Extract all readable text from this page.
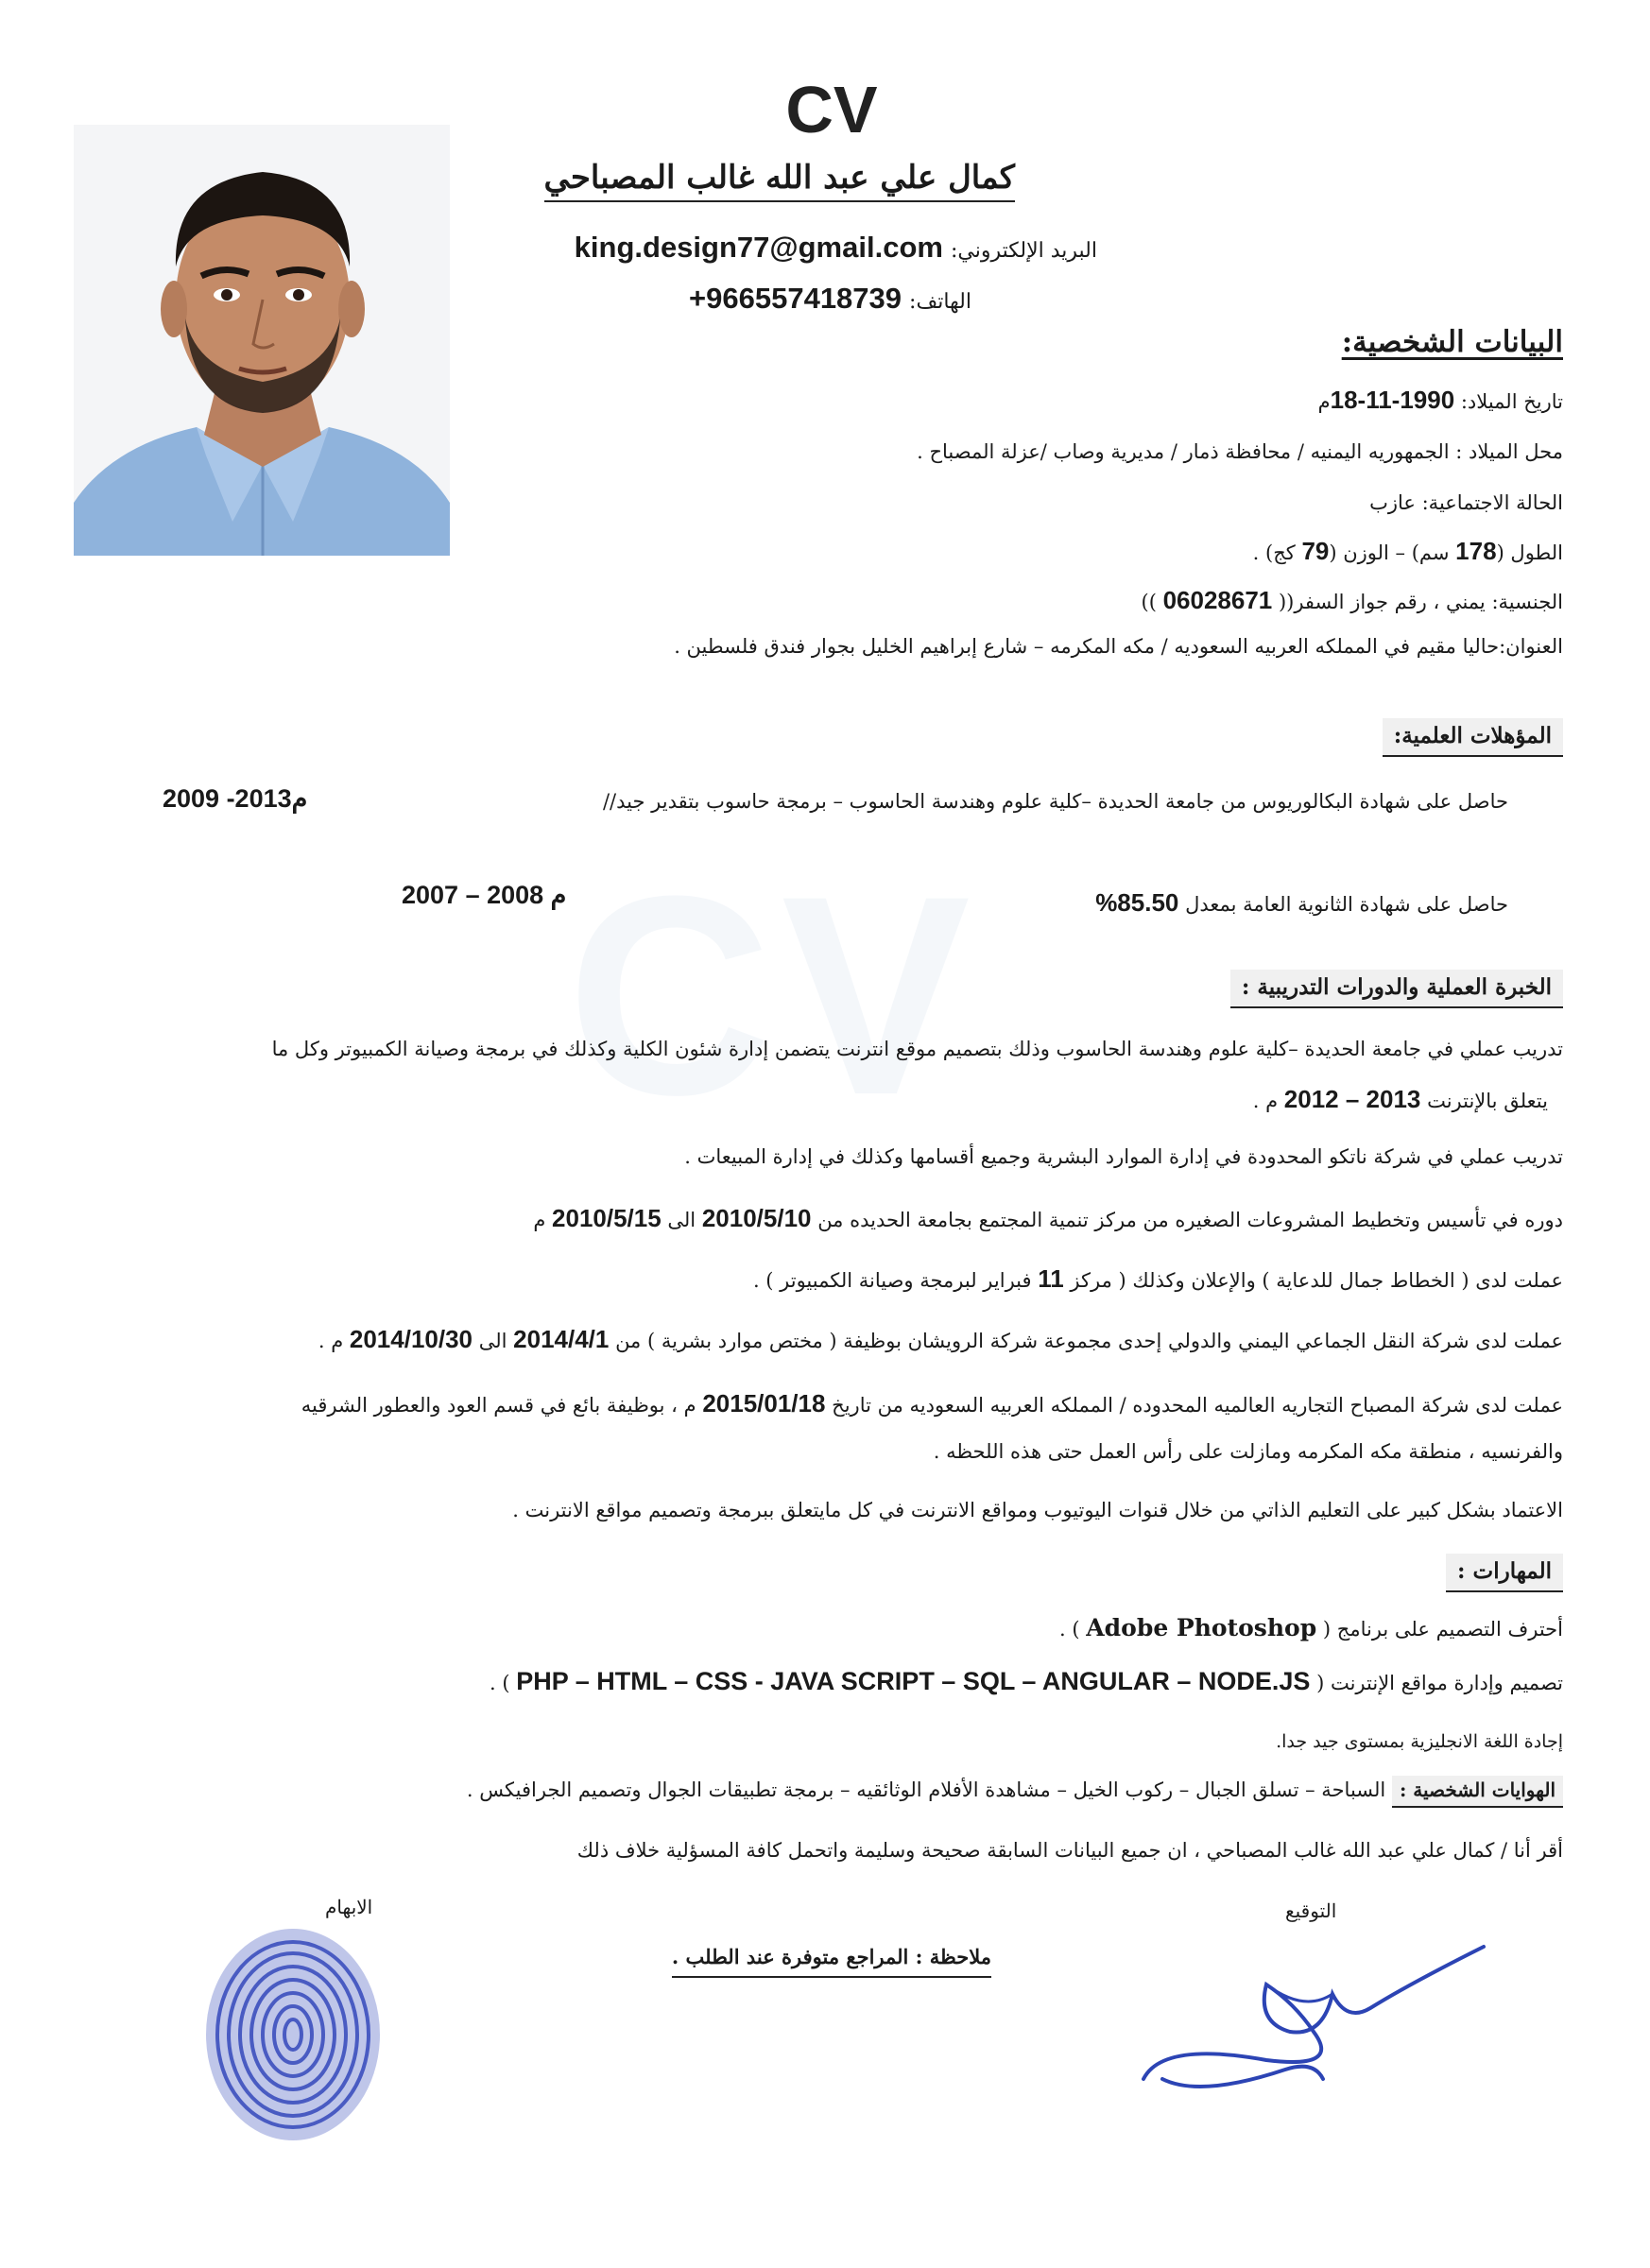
CV
كمال علي عبد الله غالب المصباحي
البريد الإلكتروني:king.design77@gmail.com
الهاتف:+966557418739
البيانات الشخصية:
تاريخ الميلاد: 18-11-1990م
محل الميلاد : الجمهوريه اليمنيه / محافظة ذمار / مديرية وصاب /عزلة المصباح .
الحالة الاجتماعية: عازب
الطول (178 سم) – الوزن (79 كج) .
الجنسية: يمني ، رقم جواز السفر(( 06028671 ))
العنوان:حاليا مقيم في المملكه العربيه السعوديه / مكه المكرمه – شارع إبراهيم الخليل بجوار فندق فلسطين .
المؤهلات العلمية:
حاصل على شهادة البكالوريوس من جامعة الحديدة –كلية علوم وهندسة الحاسوب – برمجة حاسوب بتقدير جيد//
2009 -2013م
حاصل على شهادة الثانوية العامة بمعدل %85.50
2007 – 2008 م
الخبرة العملية والدورات التدريبية :
تدريب عملي في جامعة الحديدة –كلية علوم وهندسة الحاسوب وذلك بتصميم موقع انترنت يتضمن إدارة شئون الكلية وكذلك في برمجة وصيانة الكمبيوتر وكل ما
يتعلق بالإنترنت 2012 – 2013 م .
تدريب عملي في شركة ناتكو المحدودة في إدارة الموارد البشرية وجميع أقسامها وكذلك في إدارة المبيعات .
دوره في تأسيس وتخطيط المشروعات الصغيره من مركز تنمية المجتمع بجامعة الحديده من 2010/5/10 الى 2010/5/15 م
عملت لدى ( الخطاط جمال للدعاية ) والإعلان وكذلك ( مركز 11 فبراير لبرمجة وصيانة الكمبيوتر ) .
عملت لدى شركة النقل الجماعي اليمني والدولي إحدى مجموعة شركة الرويشان بوظيفة ( مختص موارد بشرية ) من 2014/4/1 الى 2014/10/30 م .
عملت لدى شركة المصباح التجاريه العالميه المحدوده / المملكه العربيه السعوديه من تاريخ 2015/01/18 م ، بوظيفة بائع في قسم العود والعطور الشرقيه
والفرنسيه ، منطقة مكه المكرمه ومازلت على رأس العمل حتى هذه اللحظه .
الاعتماد بشكل كبير على التعليم الذاتي من خلال قنوات اليوتيوب ومواقع الانترنت في كل مايتعلق ببرمجة وتصميم مواقع الانترنت .
المهارات :
أحترف التصميم على برنامج ( Adobe Photoshop ) .
تصميم وإدارة مواقع الإنترنت ( PHP – HTML – CSS - JAVA SCRIPT – SQL – ANGULAR – NODE.JS ) .
إجادة اللغة الانجليزية بمستوى جيد جدا.
الهوايات الشخصية : السباحة – تسلق الجبال – ركوب الخيل – مشاهدة الأفلام الوثائقيه – برمجة تطبيقات الجوال وتصميم الجرافيكس .
أقر أنا / كمال علي عبد الله غالب المصباحي ، ان جميع البيانات السابقة صحيحة وسليمة واتحمل كافة المسؤلية خلاف ذلك
الابهام	التوقيع
ملاحظة : المراجع متوفرة عند الطلب .
